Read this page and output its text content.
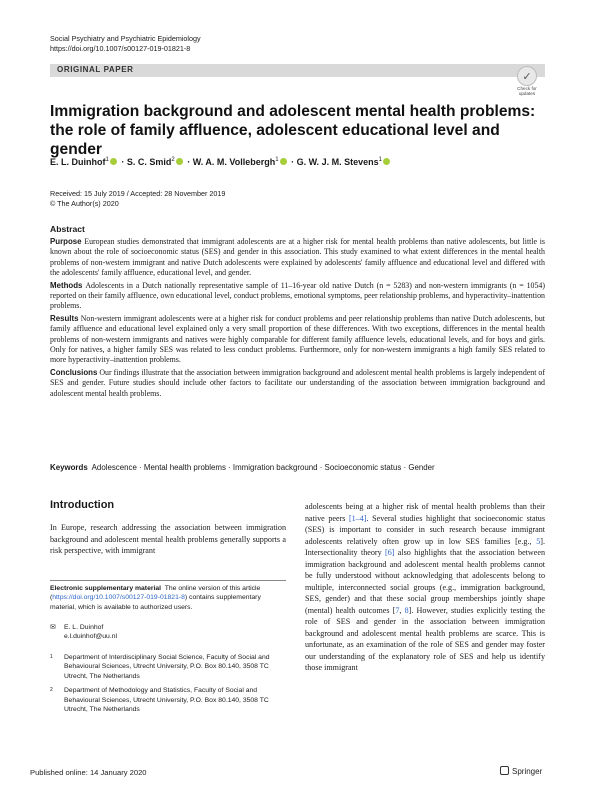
Social Psychiatry and Psychiatric Epidemiology
https://doi.org/10.1007/s00127-019-01821-8
ORIGINAL PAPER
✓
Check for updates
Immigration background and adolescent mental health problems: the role of family affluence, adolescent educational level and gender
E. L. Duinhof$^1$ · S. C. Smid$^2$ · W. A. M. Vollebergh$^1$ · G. W. J. M. Stevens$^1$
Received: 15 July 2019 / Accepted: 28 November 2019
© The Author(s) 2020
Abstract

Purpose European studies demonstrated that immigrant adolescents are at a higher risk for mental health problems than native adolescents, but little is known about the role of socioeconomic status (SES) and gender in this association. This study examined to what extent differences in the mental health problems of non-western immigrant and native Dutch adolescents were explained by adolescents' family affluence and educational level and differed with the adolescents' family affluence, educational level, and gender.

Methods Adolescents in a Dutch nationally representative sample of 11–16-year old native Dutch (n = 5283) and non-western immigrants (n = 1054) reported on their family affluence, own educational level, conduct problems, emotional symptoms, peer relationship problems, and hyperactivity–inattention problems.

Results Non-western immigrant adolescents were at a higher risk for conduct problems and peer relationship problems than native Dutch adolescents, but family affluence and educational level explained only a very small proportion of these differences. With two exceptions, differences in the mental health problems of non-western immigrants and natives were highly comparable for different family affluence levels, educational levels, and for boys and girls. Only for natives, a higher family SES was related to less conduct problems. Furthermore, only for non-western immigrants a high family SES related to more hyperactivity–inattention problems.

Conclusions Our findings illustrate that the association between immigration background and adolescent mental health problems is largely independent of SES and gender. Future studies should include other factors to facilitate our understanding of the association between immigration background and adolescent mental health problems.

Keywords Adolescence · Mental health problems · Immigration background · Socioeconomic status · Gender
Introduction
In Europe, research addressing the association between immigration background and adolescent mental health problems generally supports a risk perspective, with immigrant
adolescents being at a higher risk of mental health problems than their native peers [1–4]. Several studies highlight that socioeconomic status (SES) is important to consider in such research because immigrant adolescents relatively often grow up in low SES families [e.g., 5]. Intersectionality theory [6] also highlights that the association between immigration background and adolescent mental health problems cannot be fully understood without acknowledging that adolescents belong to multiple, interconnected social groups (e.g., immigration background, SES, gender) and that these social group memberships jointly shape (mental) health outcomes [7, 8]. However, studies explicitly testing the role of SES and gender in the association between immigration background and adolescent mental health problems are scarce. This is unfortunate, as an examination of the role of SES and gender may foster our understanding of the explanatory role of SES and help us identify those immigrant
Electronic supplementary material The online version of this article (https://doi.org/10.1007/s00127-019-01821-8) contains supplementary material, which is available to authorized users.
✉ E. L. Duinhof
e.l.duinhof@uu.nl
1	Department of Interdisciplinary Social Science, Faculty of Social and Behavioural Sciences, Utrecht University, P.O. Box 80.140, 3508 TC Utrecht, The Netherlands
2	Department of Methodology and Statistics, Faculty of Social and Behavioural Sciences, Utrecht University, P.O. Box 80.140, 3508 TC Utrecht, The Netherlands
Published online: 14 January 2020	Springer
